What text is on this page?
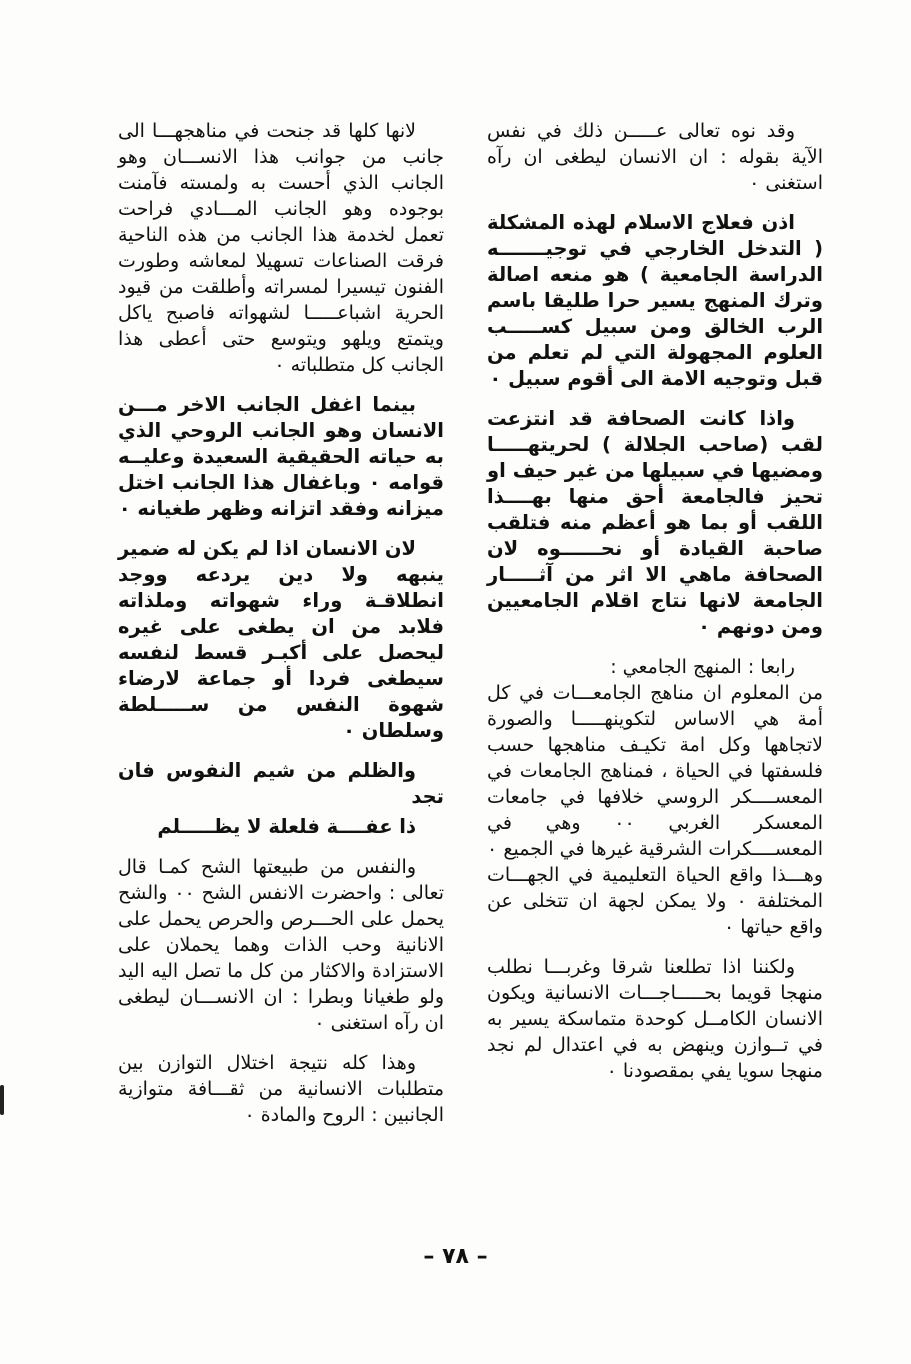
وقد نوه تعالى عـــــن ذلك في نفس الآية بقوله : ان الانسان ليطغى ان رآه استغنى ٠

اذن فعلاج الاسلام لهذه المشكلة ( التدخل الخارجي في توجيـــــــه الدراسة الجامعية ) هو منعه اصالة وترك المنهج يسير حرا طليقا باسم الرب الخالق ومن سبيل كســـــب العلوم المجهولة التي لم تعلم من قبل وتوجيه الامة الى أقوم سبيل ٠

واذا كانت الصحافة قد انتزعت لقب (صاحب الجلالة ) لحريتهـــــا ومضيها في سبيلها من غير حيف او تحيز فالجامعة أحق منها بهــــذا اللقب أو بما هو أعظم منه فتلقب صاحبة القيادة أو نحــــــوه لان الصحافة ماهي الا اثر من آثـــــار الجامعة لانها نتاج اقلام الجامعيين ومن دونهم ٠

رابعا : المنهج الجامعي :

من المعلوم ان مناهج الجامعـــات في كل أمة هي الاساس لتكوينهـــــا والصورة لاتجاهها وكل امة تكيـف مناهجها حسب فلسفتها في الحياة ، فمناهج الجامعات في المعســــكر الروسي خلافها في جامعات المعسكر الغربي ٠٠ وهي في المعســــكرات الشرقية غيرها في الجميع ٠ وهـــذا واقع الحياة التعليمية في الجهـــات المختلفة ٠ ولا يمكن لجهة ان تتخلى عن واقع حياتها ٠

ولكننا اذا تطلعنا شرقا وغربـــا نطلب منهجا قويما بحـــــاجـــات الانسانية ويكون الانسان الكامــل كوحدة متماسكة يسير به في تــوازن وينهض به في اعتدال لم نجد منهجا سويا يفي بمقصودنا ٠

لانها كلها قد جنحت في مناهجهـــا الى جانب من جوانب هذا الانســـان وهو الجانب الذي أحست به ولمسته فآمنت بوجوده وهو الجانب المـــادي فراحت تعمل لخدمة هذا الجانب من هذه الناحية فرقت الصناعات تسهيلا لمعاشه وطورت الفنون تيسيرا لمسراته وأطلقت من قيود الحرية اشباعـــــا لشهواته فاصبح ياكل ويتمتع ويلهو ويتوسع حتى أعطى هذا الجانب كل متطلباته ٠

بينما اغفل الجانب الاخر مـــن الانسان وهو الجانب الروحي الذي به حياته الحقيقية السعيدة وعليــه قوامه ٠ وباغفال هذا الجانب اختل ميزانه وفقد اتزانه وظهر طغيانه ٠

لان الانسان اذا لم يكن له ضمير ينبهه ولا دين يردعه ووجد انطلاقـة وراء شهواته وملذاته فلابد من ان يطغى على غيره ليحصل على أكبـر قسط لنفسه سيطغى فردا أو جماعة لارضاء شهوة النفس من ســـــلطة وسلطان ٠

والظلم من شيم النفوس فان تجد

ذا عفــــة فلعلة لا يظـــــلم

والنفس من طبيعتها الشح كمـا قال تعالى : واحضرت الانفس الشح ٠٠ والشح يحمل على الحـــرص والحرص يحمل على الانانية وحب الذات وهما يحملان على الاستزادة والاكثار من كل ما تصل اليه اليد ولو طغيانا وبطرا : ان الانســـان ليطغى ان رآه استغنى ٠

وهذا كله نتيجة اختلال التوازن بين متطلبات الانسانية من ثقـــافة متوازية الجانبين : الروح والمادة ٠

– ٧٨ –
